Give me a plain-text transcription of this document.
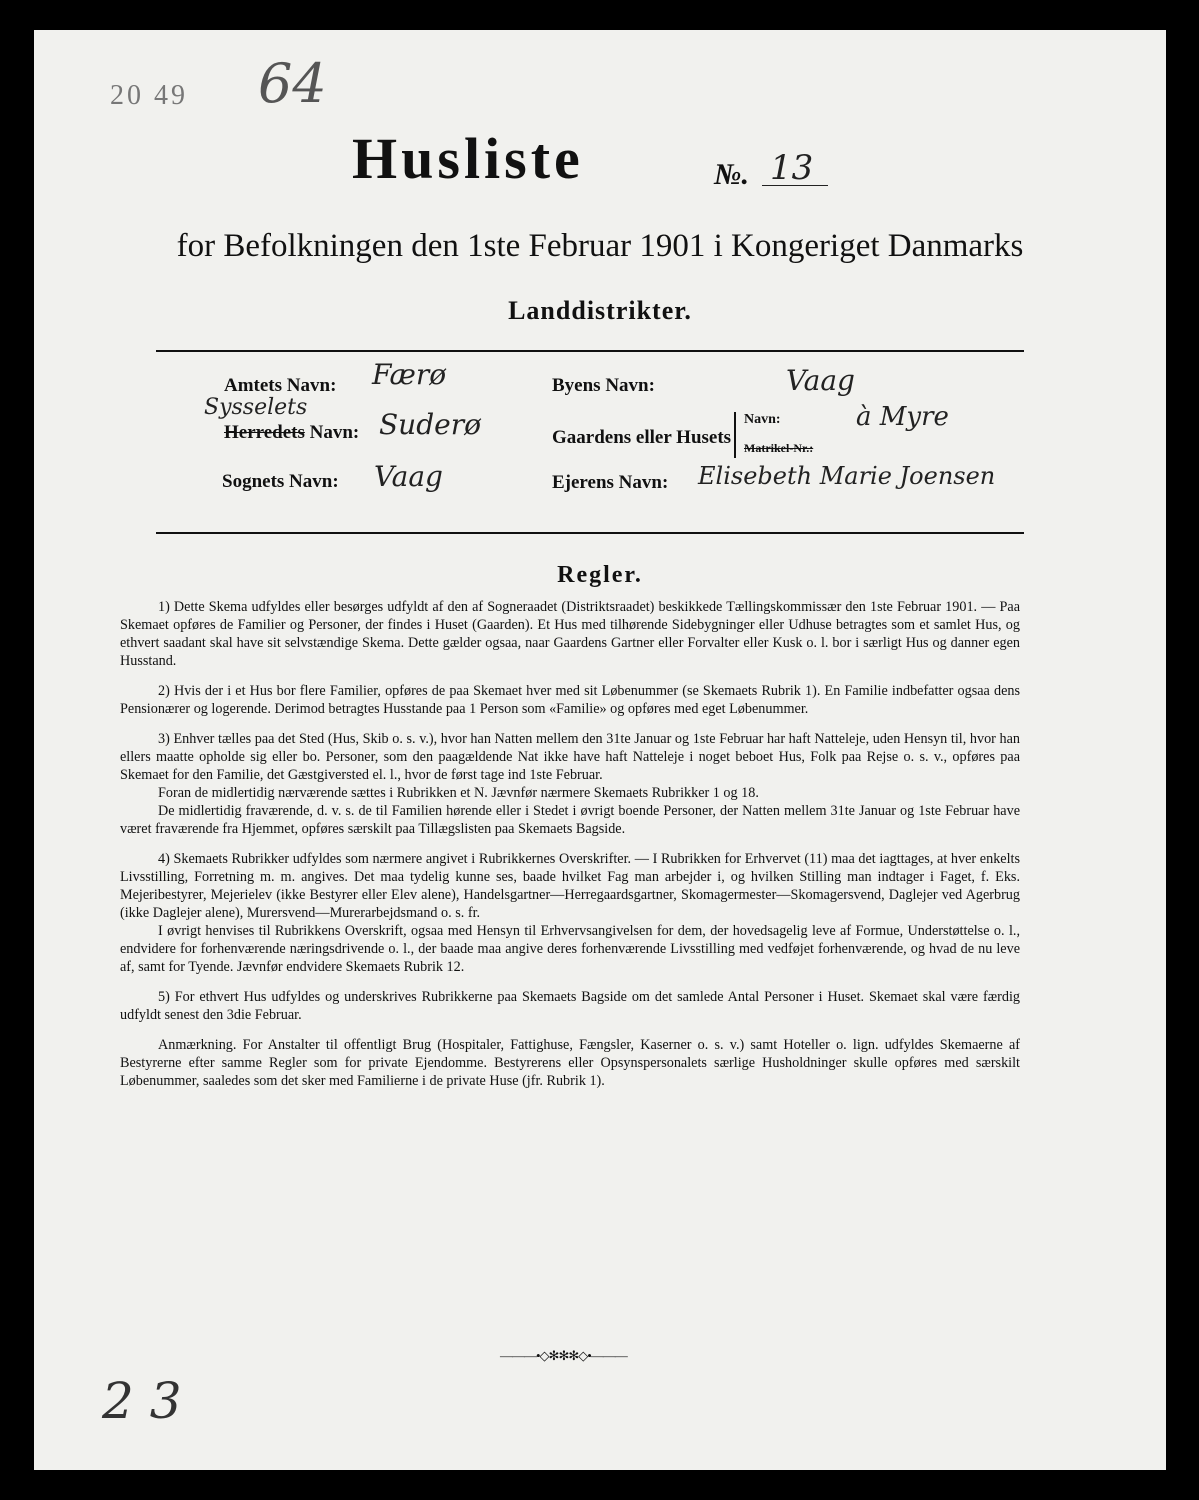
20 49 64
Husliste	№. 13
for Befolkningen den 1ste Februar 1901 i Kongeriget Danmarks
Landdistrikter.
Amtets Navn: Færø
Sysselets
Herredets Navn: Suderø
Sognets Navn: Vaag
Byens Navn:	Vaag
Gaardens eller Husets
Navn:	à Myre
Matrikel-Nr.:
Ejerens Navn: Elisebeth Marie Joensen
Regler.

1) Dette Skema udfyldes eller besørges udfyldt af den af Sogneraadet (Distriktsraadet) beskikkede Tællingskommissær den 1ste Februar 1901. — Paa Skemaet opføres de Familier og Personer, der findes i Huset (Gaarden). Et Hus med tilhørende Sidebygninger eller Udhuse betragtes som et samlet Hus, og ethvert saadant skal have sit selvstændige Skema. Dette gælder ogsaa, naar Gaardens Gartner eller Forvalter eller Kusk o. l. bor i særligt Hus og danner egen Husstand.

2) Hvis der i et Hus bor flere Familier, opføres de paa Skemaet hver med sit Løbenummer (se Skemaets Rubrik 1). En Familie indbefatter ogsaa dens Pensionærer og logerende. Derimod betragtes Husstande paa 1 Person som «Familie» og opføres med eget Løbenummer.

3) Enhver tælles paa det Sted (Hus, Skib o. s. v.), hvor han Natten mellem den 31te Januar og 1ste Februar har haft Natteleje, uden Hensyn til, hvor han ellers maatte opholde sig eller bo. Personer, som den paagældende Nat ikke have haft Natteleje i noget beboet Hus, Folk paa Rejse o. s. v., opføres paa Skemaet for den Familie, det Gæstgiversted el. l., hvor de først tage ind 1ste Februar.

Foran de midlertidig nærværende sættes i Rubrikken et N. Jævnfør nærmere Skemaets Rubrikker 1 og 18.

De midlertidig fraværende, d. v. s. de til Familien hørende eller i Stedet i øvrigt boende Personer, der Natten mellem 31te Januar og 1ste Februar have været fraværende fra Hjemmet, opføres særskilt paa Tillægslisten paa Skemaets Bagside.

4) Skemaets Rubrikker udfyldes som nærmere angivet i Rubrikkernes Overskrifter. — I Rubrikken for Erhvervet (11) maa det iagttages, at hver enkelts Livsstilling, Forretning m. m. angives. Det maa tydelig kunne ses, baade hvilket Fag man arbejder i, og hvilken Stilling man indtager i Faget, f. Eks. Mejeribestyrer, Mejerielev (ikke Bestyrer eller Elev alene), Handelsgartner—Herregaardsgartner, Skomagermester—Skomagersvend, Daglejer ved Agerbrug (ikke Daglejer alene), Murersvend—Murerarbejdsmand o. s. fr.

I øvrigt henvises til Rubrikkens Overskrift, ogsaa med Hensyn til Erhvervsangivelsen for dem, der hovedsagelig leve af Formue, Understøttelse o. l., endvidere for forhenværende næringsdrivende o. l., der baade maa angive deres forhenværende Livsstilling med vedføjet forhenværende, og hvad de nu leve af, samt for Tyende. Jævnfør endvidere Skemaets Rubrik 12.

5) For ethvert Hus udfyldes og underskrives Rubrikkerne paa Skemaets Bagside om det samlede Antal Personer i Huset. Skemaet skal være færdig udfyldt senest den 3die Februar.

Anmærkning. For Anstalter til offentligt Brug (Hospitaler, Fattighuse, Fængsler, Kaserner o. s. v.) samt Hoteller o. lign. udfyldes Skemaerne af Bestyrerne efter samme Regler som for private Ejendomme. Bestyrerens eller Opsynspersonalets særlige Husholdninger skulle opføres med særskilt Løbenummer, saaledes som det sker med Familierne i de private Huse (jfr. Rubrik 1).

———•◇✻✻✻◇•———
2 3
